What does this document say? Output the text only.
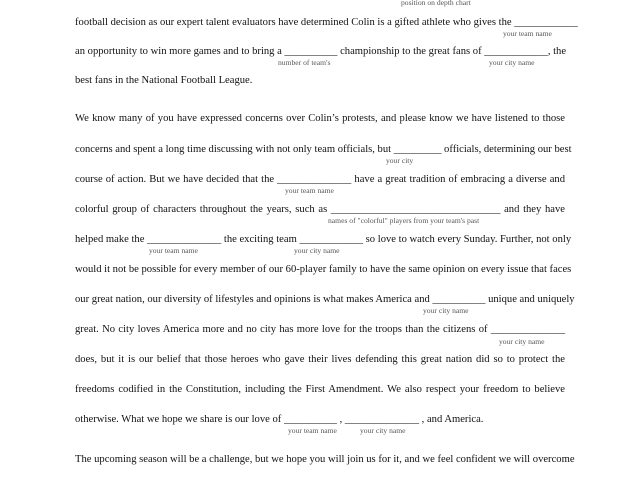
position on depth chart
football decision as our expert talent evaluators have determined Colin is a gifted athlete who gives the ____________
your team name
an opportunity to win more games and to bring a __________ championship to the great fans of ____________, the
number of team's	your city name
best fans in the National Football League.
We know many of you have expressed concerns over Colin’s protests, and please know we have listened to those
concerns and spent a long time discussing with not only team officials, but _________ officials, determining our best
your city
course of action. But we have decided that the ______________ have a great tradition of embracing a diverse and
your team name
colorful group of characters throughout the years, such as ________________________________ and they have
names of "colorful" players from your team's past
helped make the ______________ the exciting team ____________ so love to watch every Sunday. Further, not only
your team name	your city name
would it not be possible for every member of our 60-player family to have the same opinion on every issue that faces
our great nation, our diversity of lifestyles and opinions is what makes America and __________ unique and uniquely
your city name
great. No city loves America more and no city has more love for the troops than the citizens of ______________
your city name
does, but it is our belief that those heroes who gave their lives defending this great nation did so to protect the
freedoms codified in the Constitution, including the First Amendment. We also respect your freedom to believe
otherwise. What we hope we share is our love of __________ , ______________ , and America.
your team name	your city name
The upcoming season will be a challenge, but we hope you will join us for it, and we feel confident we will overcome
